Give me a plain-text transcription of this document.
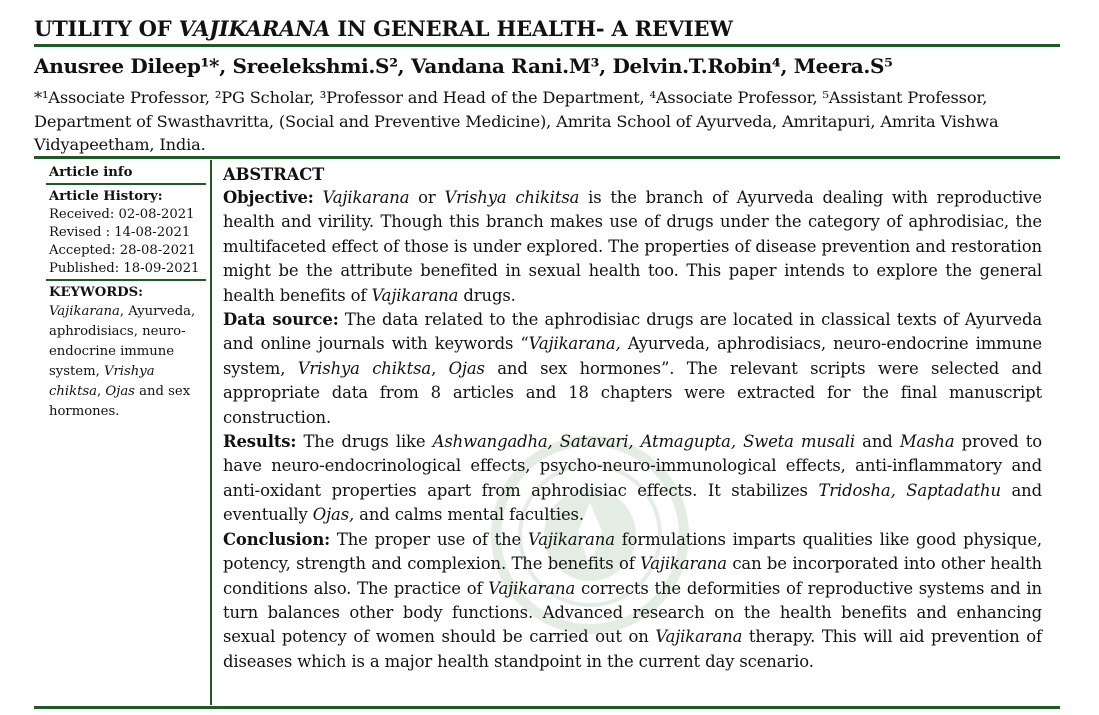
UTILITY OF VAJIKARANA IN GENERAL HEALTH- A REVIEW
Anusree Dileep¹*, Sreelekshmi.S², Vandana Rani.M³, Delvin.T.Robin⁴, Meera.S⁵
*¹Associate Professor, ²PG Scholar, ³Professor and Head of the Department, ⁴Associate Professor, ⁵Assistant Professor, Department of Swasthavritta, (Social and Preventive Medicine), Amrita School of Ayurveda, Amritapuri, Amrita Vishwa Vidyapeetham, India.
Article info
Article History:
Received: 02-08-2021
Revised : 14-08-2021
Accepted: 28-08-2021
Published: 18-09-2021
KEYWORDS:
Vajikarana, Ayurveda, aphrodisiacs, neuro-endocrine immune system, Vrishya chiktsa, Ojas and sex hormones.
ABSTRACT

Objective: Vajikarana or Vrishya chikitsa is the branch of Ayurveda dealing with reproductive health and virility. Though this branch makes use of drugs under the category of aphrodisiac, the multifaceted effect of those is under explored. The properties of disease prevention and restoration might be the attribute benefited in sexual health too. This paper intends to explore the general health benefits of Vajikarana drugs.

Data source: The data related to the aphrodisiac drugs are located in classical texts of Ayurveda and online journals with keywords “Vajikarana, Ayurveda, aphrodisiacs, neuro-endocrine immune system, Vrishya chiktsa, Ojas and sex hormones”. The relevant scripts were selected and appropriate data from 8 articles and 18 chapters were extracted for the final manuscript construction.

Results: The drugs like Ashwangadha, Satavari, Atmagupta, Sweta musali and Masha proved to have neuro-endocrinological effects, psycho-neuro-immunological effects, anti-inflammatory and anti-oxidant properties apart from aphrodisiac effects. It stabilizes Tridosha, Saptadathu and eventually Ojas, and calms mental faculties.

Conclusion: The proper use of the Vajikarana formulations imparts qualities like good physique, potency, strength and complexion. The benefits of Vajikarana can be incorporated into other health conditions also. The practice of Vajikarana corrects the deformities of reproductive systems and in turn balances other body functions. Advanced research on the health benefits and enhancing sexual potency of women should be carried out on Vajikarana therapy. This will aid prevention of diseases which is a major health standpoint in the current day scenario.
